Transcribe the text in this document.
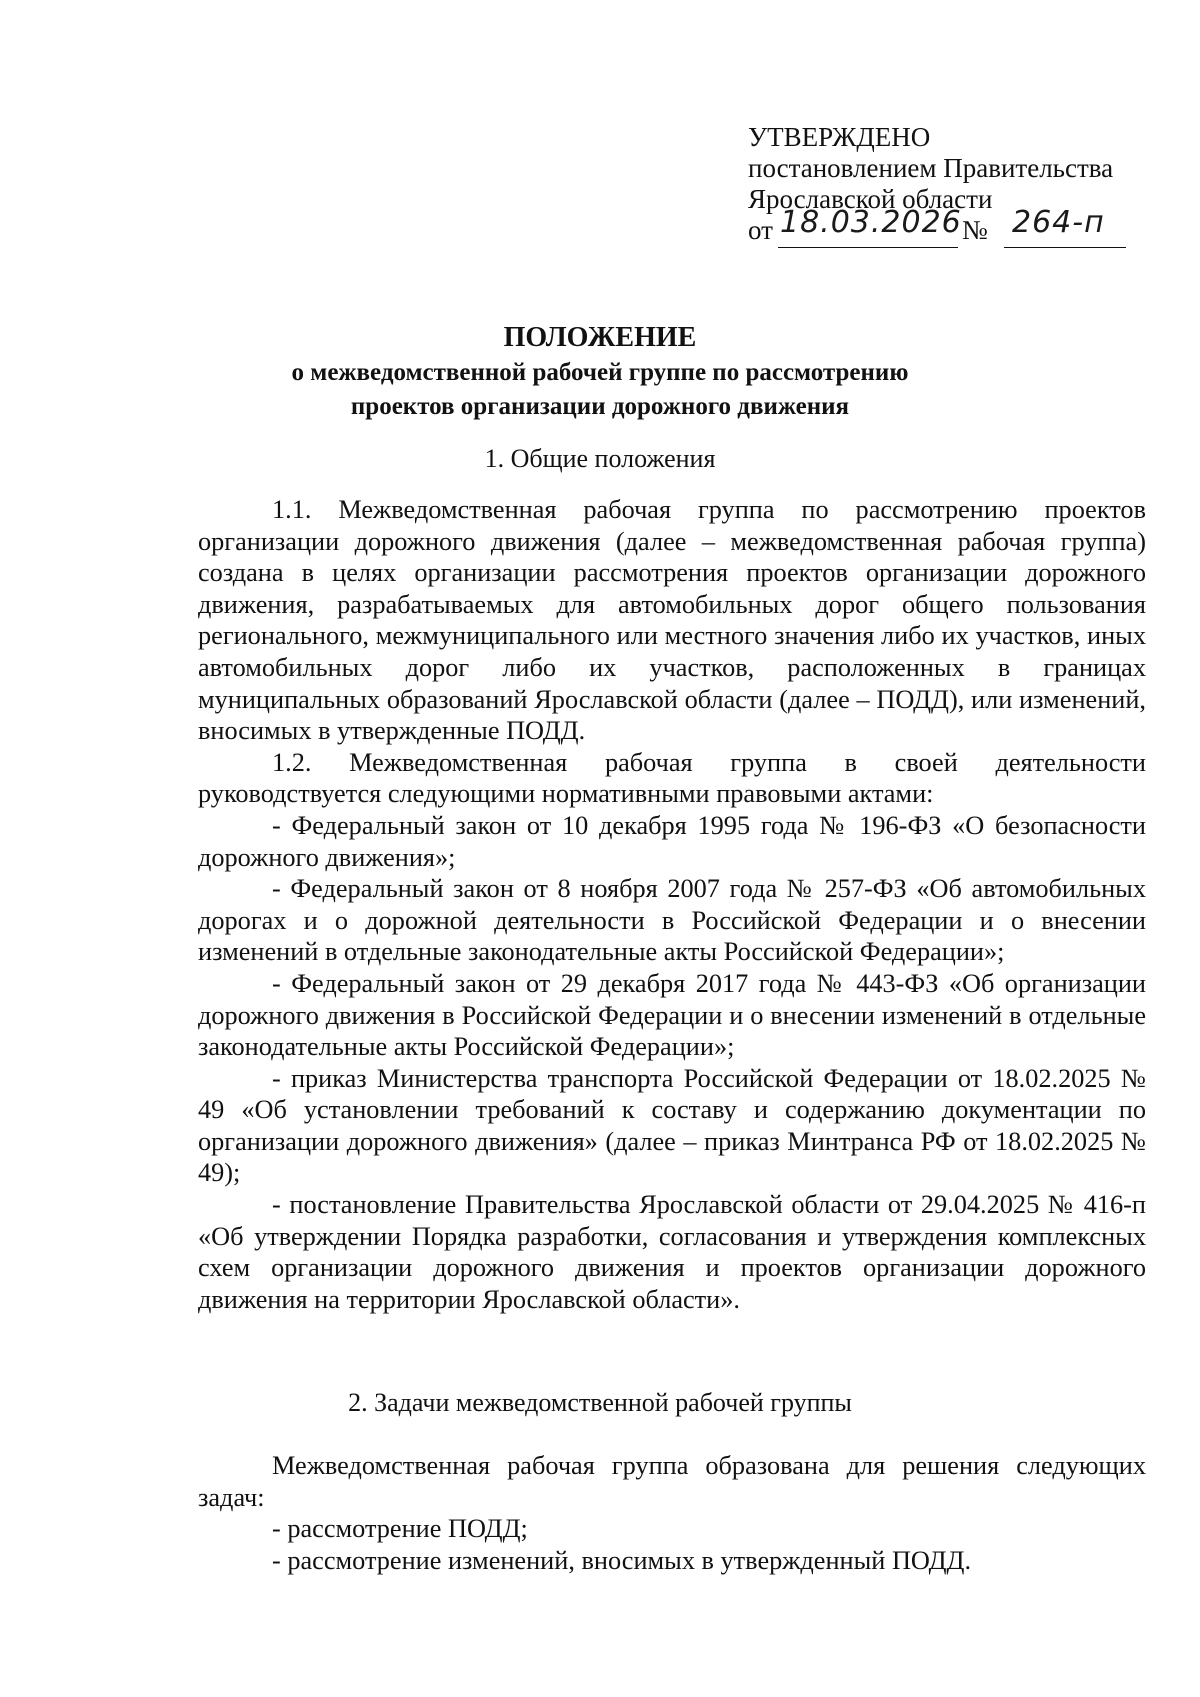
УТВЕРЖДЕНО
постановлением Правительства
Ярославской области
от 18.03.2026 № 264-п
ПОЛОЖЕНИЕ
о межведомственной рабочей группе по рассмотрению
проектов организации дорожного движения
1. Общие положения

1.1. Межведомственная рабочая группа по рассмотрению проектов организации дорожного движения (далее – межведомственная рабочая группа) создана в целях организации рассмотрения проектов организации дорожного движения, разрабатываемых для автомобильных дорог общего пользования регионального, межмуниципального или местного значения либо их участков, иных автомобильных дорог либо их участков, расположенных в границах муниципальных образований Ярославской области (далее – ПОДД), или изменений, вносимых в утвержденные ПОДД.

1.2. Межведомственная рабочая группа в своей деятельности руководствуется следующими нормативными правовыми актами:

- Федеральный закон от 10 декабря 1995 года № 196-ФЗ «О безопасности дорожного движения»;

- Федеральный закон от 8 ноября 2007 года № 257-ФЗ «Об автомобильных дорогах и о дорожной деятельности в Российской Федерации и о внесении изменений в отдельные законодательные акты Российской Федерации»;

- Федеральный закон от 29 декабря 2017 года № 443-ФЗ «Об организации дорожного движения в Российской Федерации и о внесении изменений в отдельные законодательные акты Российской Федерации»;

- приказ Министерства транспорта Российской Федерации от 18.02.2025 № 49 «Об установлении требований к составу и содержанию документации по организации дорожного движения» (далее – приказ Минтранса РФ от 18.02.2025 № 49);

- постановление Правительства Ярославской области от 29.04.2025 № 416-п «Об утверждении Порядка разработки, согласования и утверждения комплексных схем организации дорожного движения и проектов организации дорожного движения на территории Ярославской области».

2. Задачи межведомственной рабочей группы

Межведомственная рабочая группа образована для решения следующих задач:

- рассмотрение ПОДД;

- рассмотрение изменений, вносимых в утвержденный ПОДД.
